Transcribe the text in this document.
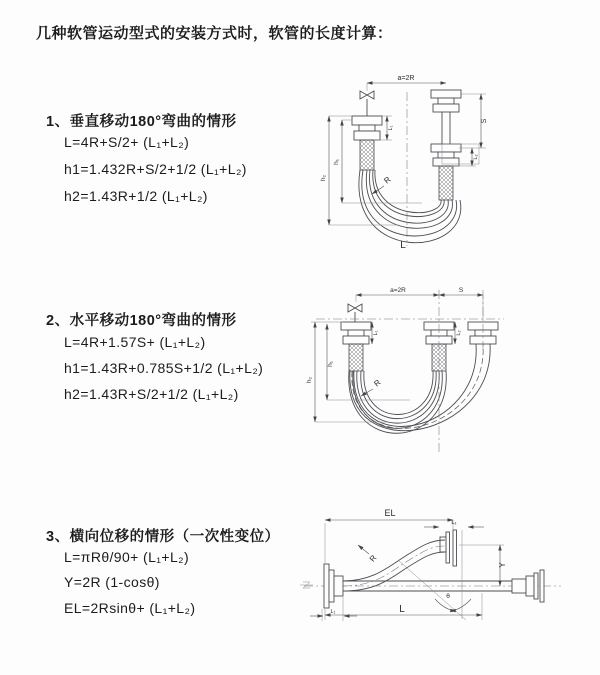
几种软管运动型式的安装方式时，软管的长度计算：
1、垂直移动180°弯曲的情形
L=4R+S/2+ (L₁+L₂)
h1=1.432R+S/2+1/2 (L₁+L₂)
h2=1.43R+1/2 (L₁+L₂)
2、水平移动180°弯曲的情形
L=4R+1.57S+ (L₁+L₂)
h1=1.43R+0.785S+1/2 (L₁+L₂)
h2=1.43R+S/2+1/2 (L₁+L₂)
3、横向位移的情形（一次性变位）
L=πRθ/90+ (L₁+L₂)
Y=2R (1-cosθ)
EL=2Rsinθ+ (L₁+L₂)
a=2R
h₁
h₂
L₁
S
L₂
R
L
a=2R	S
L₁	L₂
h₁
h₂	R
EL
L₁
L₁
θ
R
Y
L
